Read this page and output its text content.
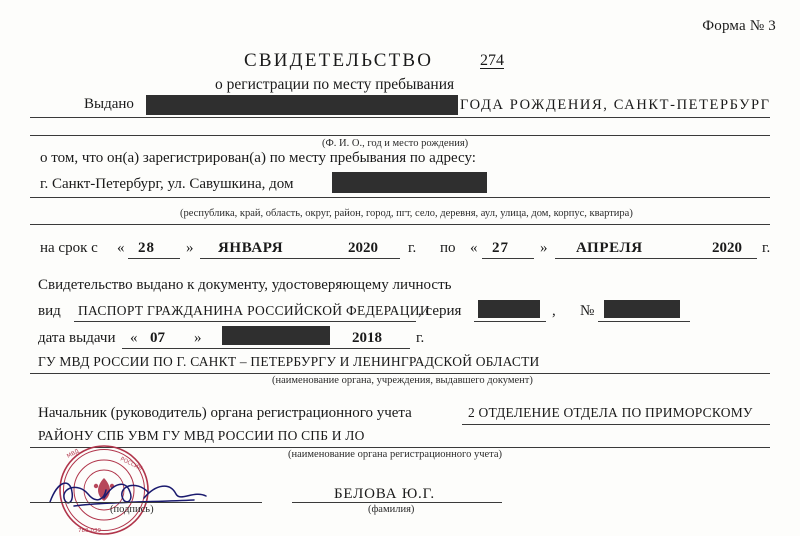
Форма № 3
СВИДЕТЕЛЬСТВО	274
о регистрации по месту пребывания
Выдано	ГОДА РОЖДЕНИЯ, САНКТ-ПЕТЕРБУРГ
(Ф. И. О., год и место рождения)
о том, что он(а) зарегистрирован(а) по месту пребывания по адресу:
г. Санкт-Петербург, ул. Савушкина, дом
(республика, край, область, округ, район, город, пгт, село, деревня, аул, улица, дом, корпус, квартира)
на срок с « 28 » ЯНВАРЯ	2020 г. по « 27 » АПРЕЛЯ	2020 г.
Свидетельство выдано к документу, удостоверяющему личность
вид ПАСПОРТ ГРАЖДАНИНА РОССИЙСКОЙ ФЕДЕРАЦИИ
, серия	, №
дата выдачи « 07 »	2018 г.
ГУ МВД РОССИИ ПО Г. САНКТ – ПЕТЕРБУРГУ И ЛЕНИНГРАДСКОЙ ОБЛАСТИ
(наименование органа, учреждения, выдавшего документ)
Начальник (руководитель) органа регистрационного учета	2 ОТДЕЛЕНИЕ ОТДЕЛА ПО ПРИМОРСКОМУ
РАЙОНУ СПБ УВМ ГУ МВД РОССИИ ПО СПБ И ЛО
(наименование органа регистрационного учета)
МВД
РОССИИ
780-039
(подпись)
БЕЛОВА Ю.Г.
(фамилия)
